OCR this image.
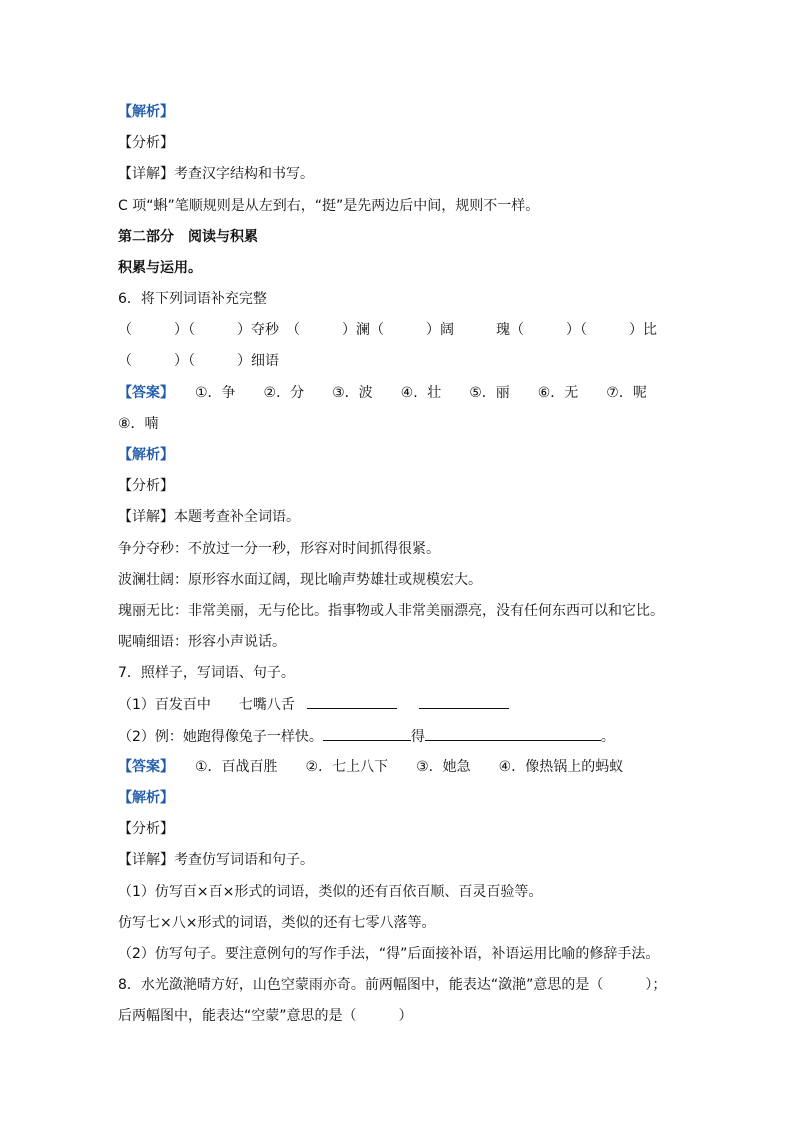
【解析】
【分析】
【详解】考查汉字结构和书写。
C 项“蝌”笔顺规则是从左到右，“挺”是先两边后中间，规则不一样。
第二部分　阅读与积累
积累与运用。
6．将下列词语补充完整
（　　　）（　　　）夺秒　（　　　）澜（　　　）阔　　　瑰（　　　）（　　　）比
（　　　）（　　　）细语
【答案】　　①．争　　②．分　　③．波　　④．壮　　⑤．丽　　⑥．无　　⑦．呢
⑧．喃
【解析】
【分析】
【详解】本题考查补全词语。
争分夺秒：不放过一分一秒，形容对时间抓得很紧。
波澜壮阔：原形容水面辽阔，现比喻声势雄壮或规模宏大。
瑰丽无比：非常美丽，无与伦比。指事物或人非常美丽漂亮，没有任何东西可以和它比。
呢喃细语：形容小声说话。
7．照样子，写词语、句子。
（1）百发百中　　七嘴八舌
（2）例：她跑得像兔子一样快。	得	。
【答案】　　①．百战百胜　　②．七上八下　　③．她急　　④．像热锅上的蚂蚁
【解析】
【分析】
【详解】考查仿写词语和句子。
（1）仿写百×百×形式的词语，类似的还有百依百顺、百灵百验等。
仿写七×八×形式的词语，类似的还有七零八落等。
（2）仿写句子。要注意例句的写作手法，“得”后面接补语，补语运用比喻的修辞手法。
8．水光潋滟晴方好，山色空蒙雨亦奇。前两幅图中，能表达“潋滟”意思的是（　　　）；
后两幅图中，能表达“空蒙”意思的是（　　　）
